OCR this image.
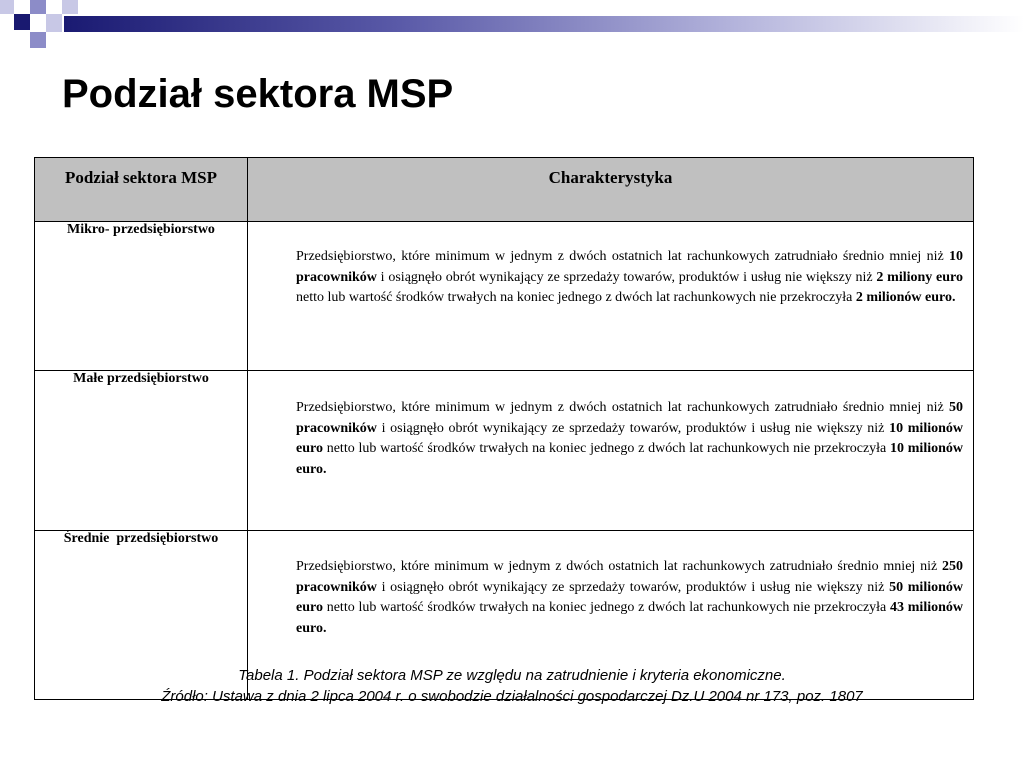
Podział sektora MSP
Podział sektora MSP	Charakterystyka
Mikro- przedsiębiorstwo	Przedsiębiorstwo, które minimum w jednym z dwóch ostatnich lat rachunkowych zatrudniało średnio mniej niż 10 pracowników i osiągnęło obrót wynikający ze sprzedaży towarów, produktów i usług nie większy niż 2 miliony euro netto lub wartość środków trwałych na koniec jednego z dwóch lat rachunkowych nie przekroczyła 2 milionów euro.

Małe przedsiębiorstwo	Przedsiębiorstwo, które minimum w jednym z dwóch ostatnich lat rachunkowych zatrudniało średnio mniej niż 50 pracowników i osiągnęło obrót wynikający ze sprzedaży towarów, produktów i usług nie większy niż 10 milionów euro netto lub wartość środków trwałych na koniec jednego z dwóch lat rachunkowych nie przekroczyła 10 milionów euro.

Średnie  przedsiębiorstwo	Przedsiębiorstwo, które minimum w jednym z dwóch ostatnich lat rachunkowych zatrudniało średnio mniej niż 250 pracowników i osiągnęło obrót wynikający ze sprzedaży towarów, produktów i usług nie większy niż 50 milionów euro netto lub wartość środków trwałych na koniec jednego z dwóch lat rachunkowych nie przekroczyła 43 milionów euro.

Tabela 1. Podział sektora MSP ze względu na zatrudnienie i kryteria ekonomiczne.
Źródło: Ustawa z dnia 2 lipca 2004 r. o swobodzie działalności gospodarczej Dz.U 2004 nr 173, poz. 1807
